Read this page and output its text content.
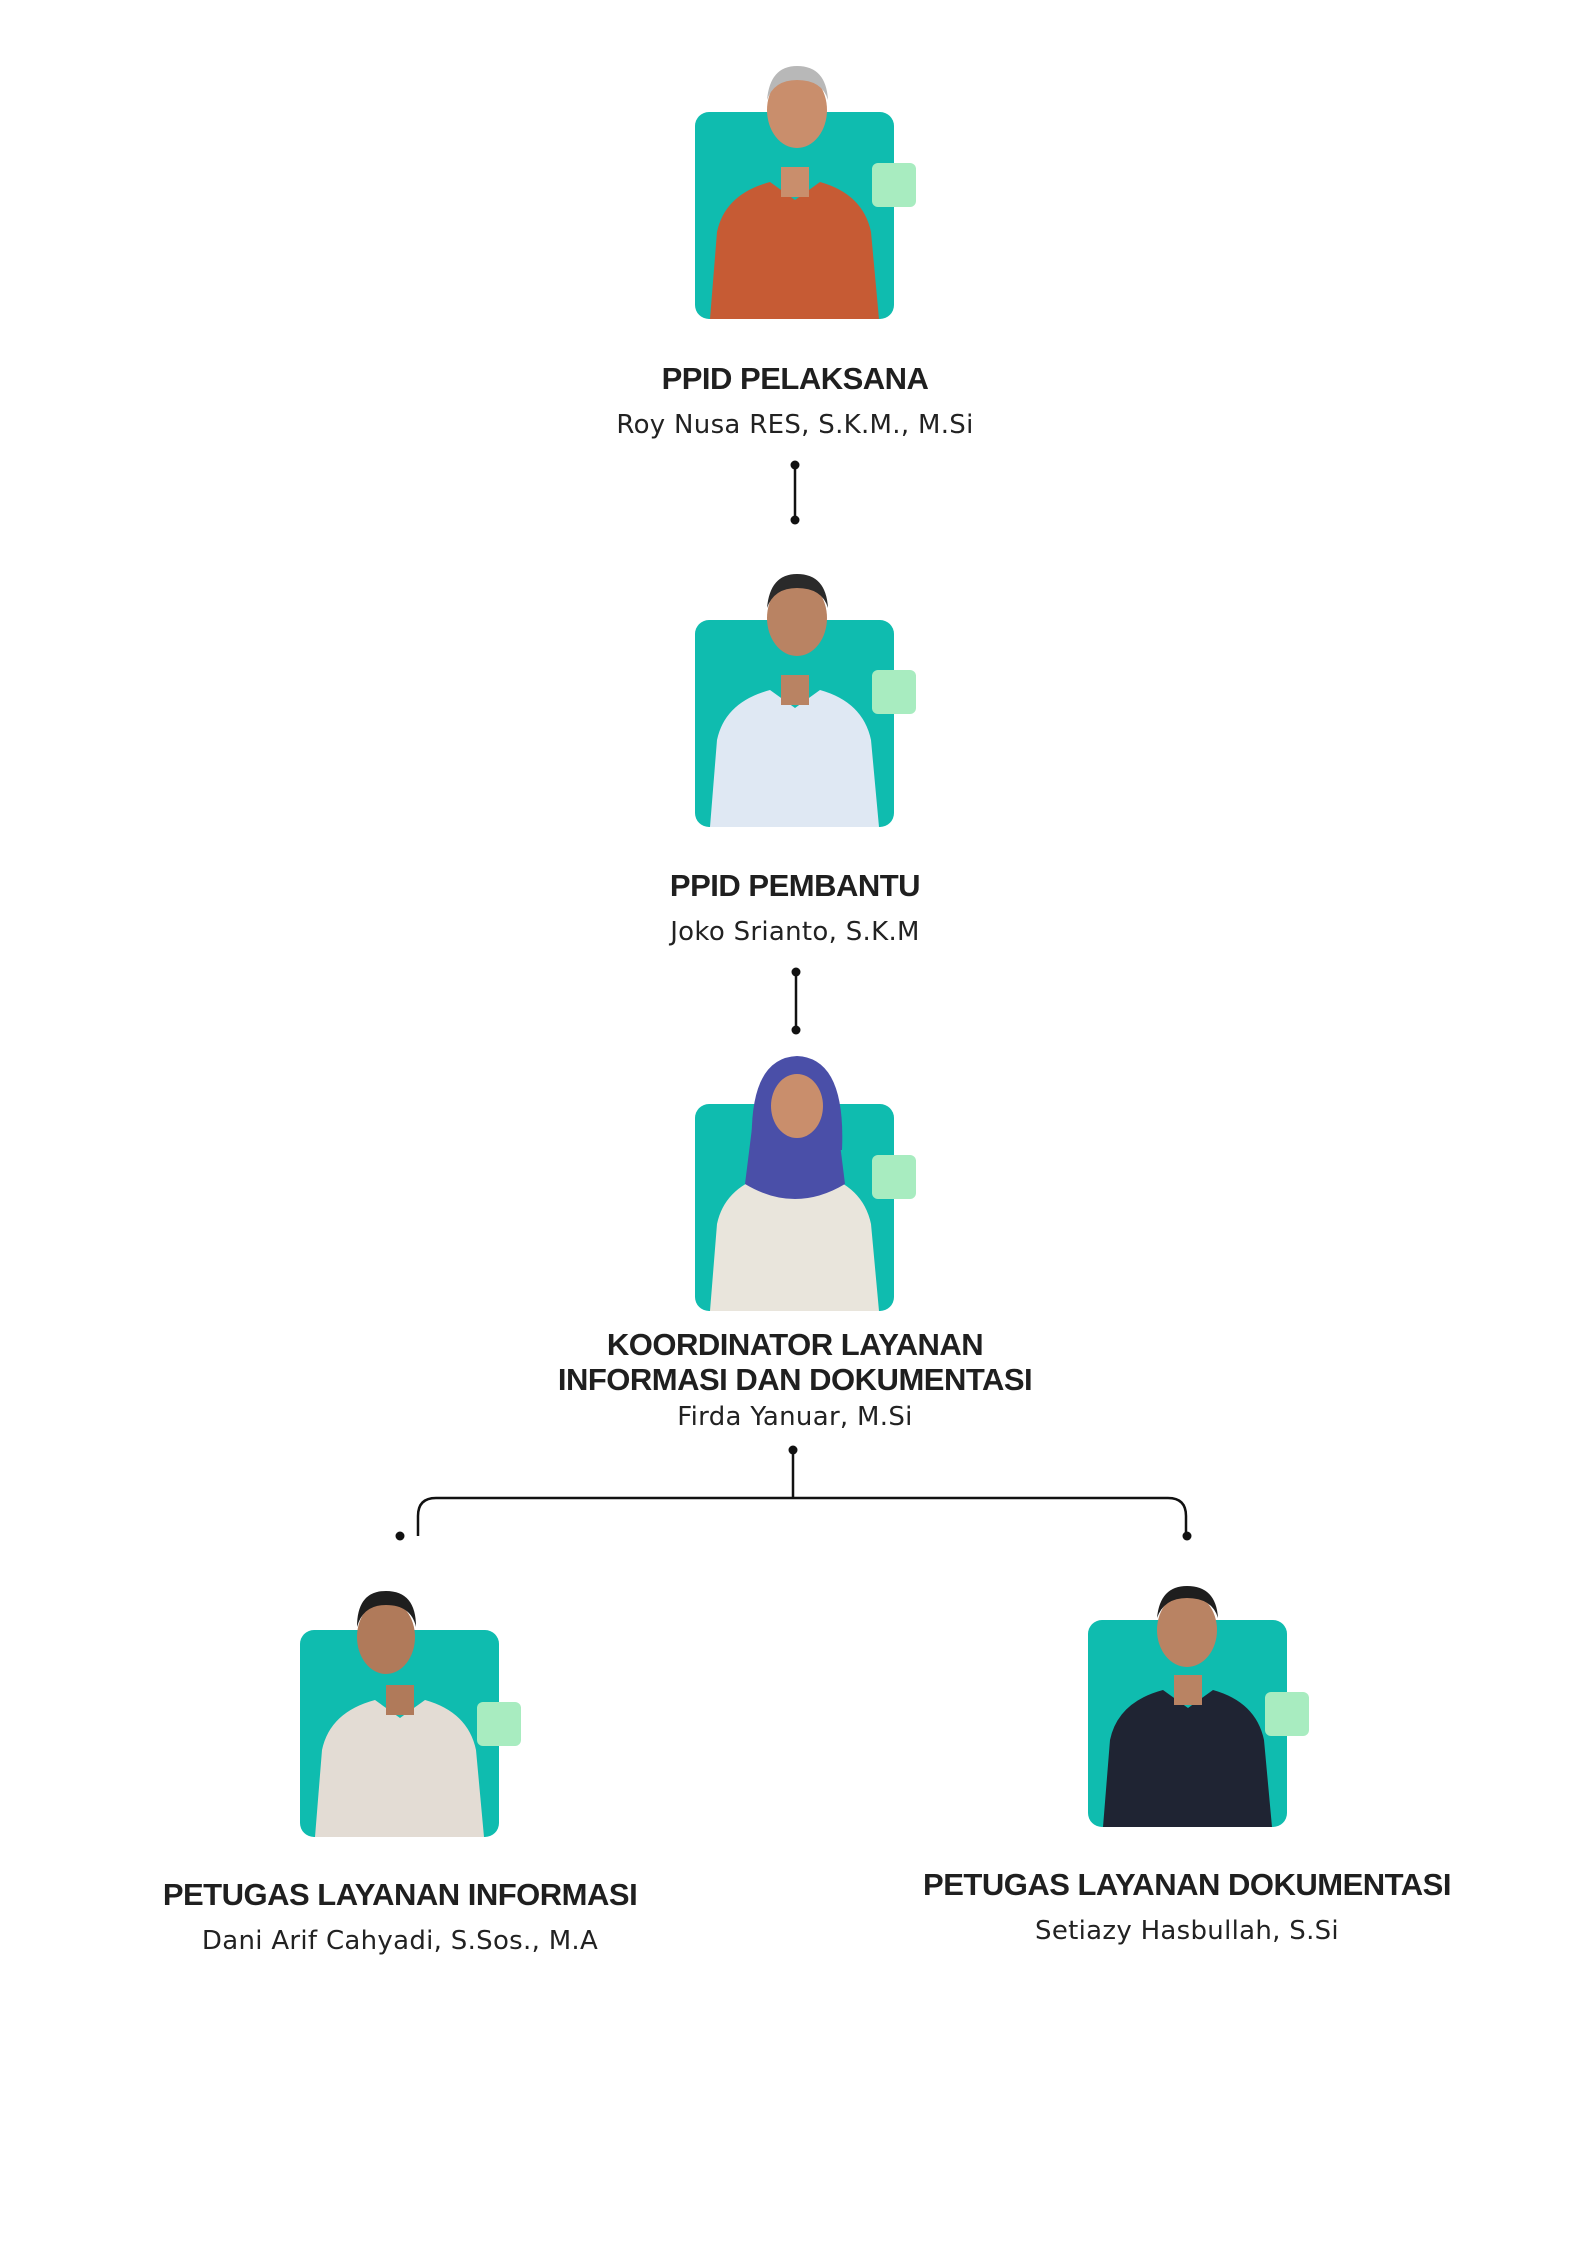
PPID PELAKSANA
Roy Nusa RES, S.K.M., M.Si
PPID PEMBANTU
Joko Srianto, S.K.M
KOORDINATOR LAYANAN
INFORMASI DAN DOKUMENTASI
Firda Yanuar, M.Si
PETUGAS LAYANAN INFORMASI
Dani Arif Cahyadi, S.Sos., M.A
PETUGAS LAYANAN DOKUMENTASI
Setiazy Hasbullah, S.Si
